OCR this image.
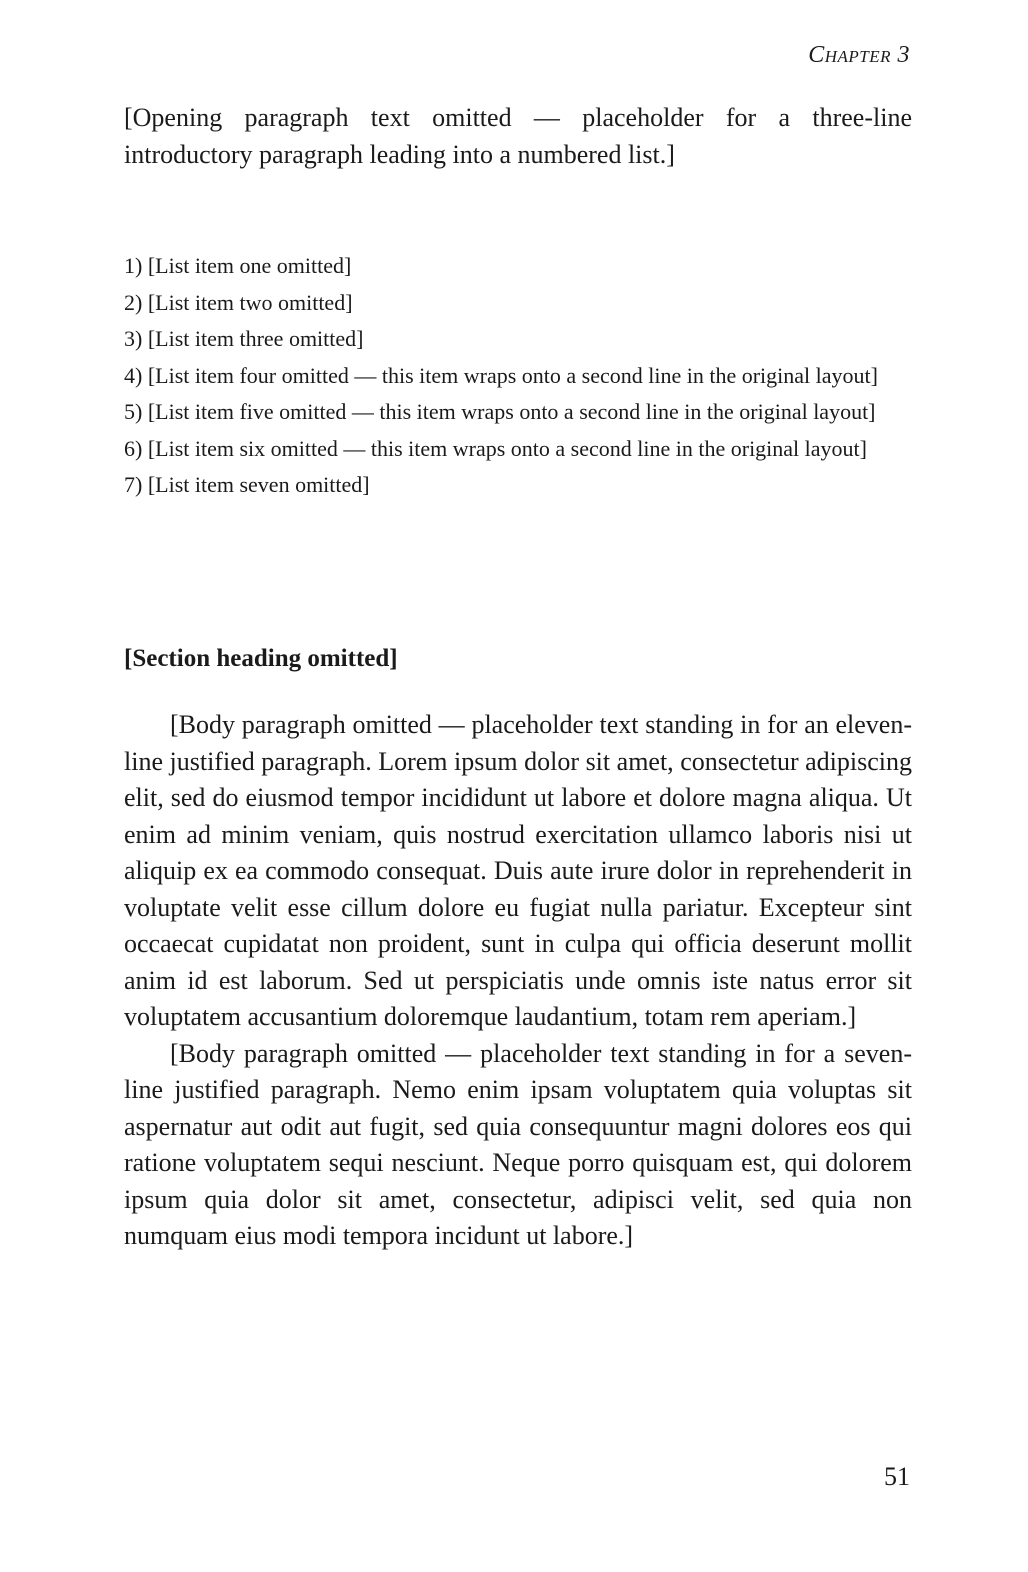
Chapter 3
[Opening paragraph text omitted — placeholder for a three-line introductory paragraph leading into a numbered list.]
1) [List item one omitted]
2) [List item two omitted]
3) [List item three omitted]
4) [List item four omitted — this item wraps onto a second line in the original layout]
5) [List item five omitted — this item wraps onto a second line in the original layout]
6) [List item six omitted — this item wraps onto a second line in the original layout]
7) [List item seven omitted]
[Section heading omitted]

[Body paragraph omitted — placeholder text standing in for an eleven-line justified paragraph. Lorem ipsum dolor sit amet, consectetur adipiscing elit, sed do eiusmod tempor incididunt ut labore et dolore magna aliqua. Ut enim ad minim veniam, quis nostrud exercitation ullamco laboris nisi ut aliquip ex ea commodo consequat. Duis aute irure dolor in reprehenderit in voluptate velit esse cillum dolore eu fugiat nulla pariatur. Excepteur sint occaecat cupidatat non proident, sunt in culpa qui officia deserunt mollit anim id est laborum. Sed ut perspiciatis unde omnis iste natus error sit voluptatem accusantium doloremque laudantium, totam rem aperiam.]

[Body paragraph omitted — placeholder text standing in for a seven-line justified paragraph. Nemo enim ipsam voluptatem quia voluptas sit aspernatur aut odit aut fugit, sed quia consequuntur magni dolores eos qui ratione voluptatem sequi nesciunt. Neque porro quisquam est, qui dolorem ipsum quia dolor sit amet, consectetur, adipisci velit, sed quia non numquam eius modi tempora incidunt ut labore.]

51
